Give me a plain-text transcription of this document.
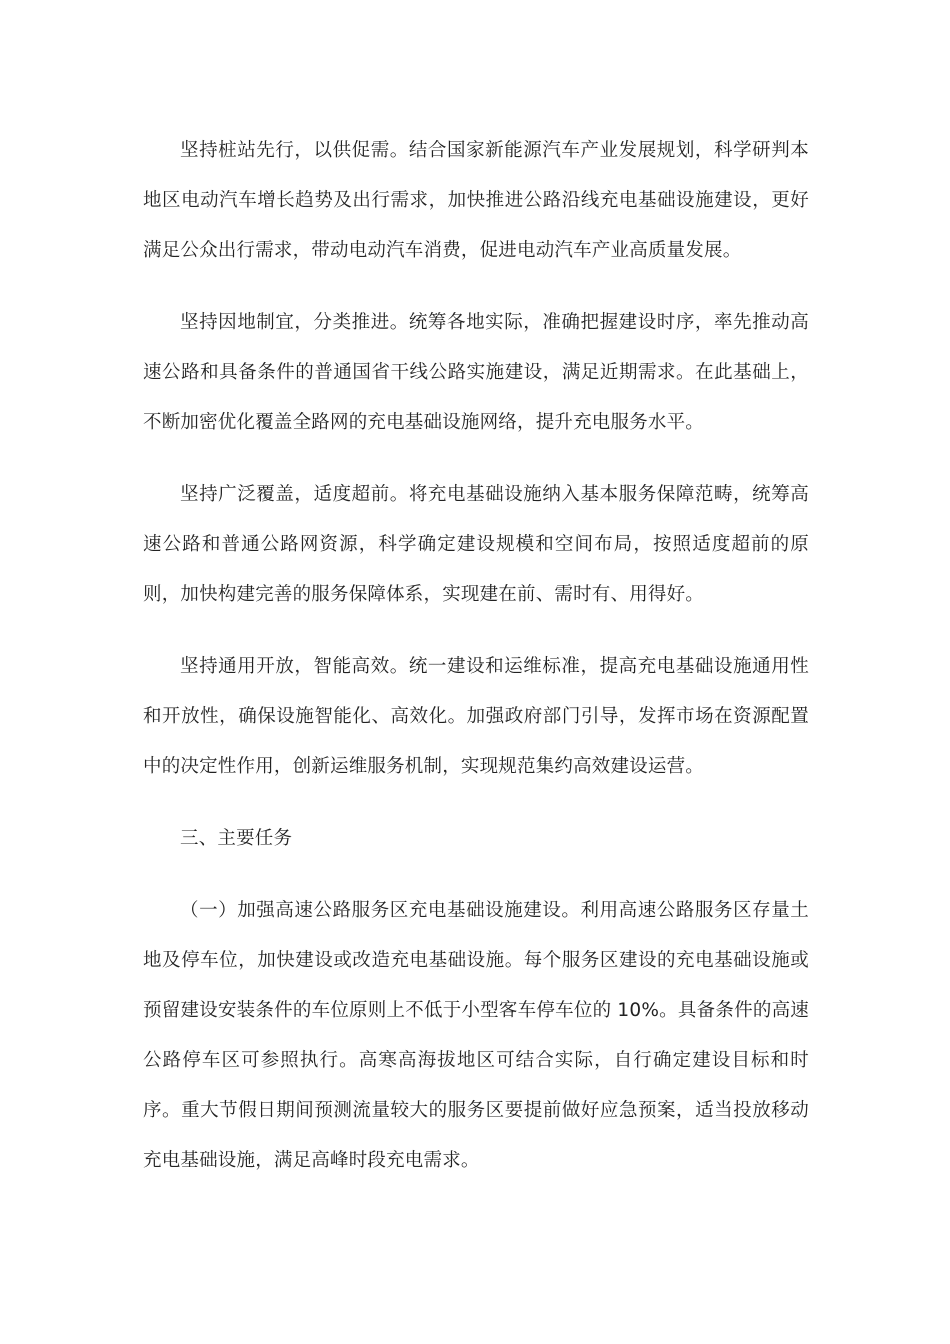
坚持桩站先行，以供促需。结合国家新能源汽车产业发展规划，科学研判本地区电动汽车增长趋势及出行需求，加快推进公路沿线充电基础设施建设，更好满足公众出行需求，带动电动汽车消费，促进电动汽车产业高质量发展。

坚持因地制宜，分类推进。统筹各地实际，准确把握建设时序，率先推动高速公路和具备条件的普通国省干线公路实施建设，满足近期需求。在此基础上，不断加密优化覆盖全路网的充电基础设施网络，提升充电服务水平。

坚持广泛覆盖，适度超前。将充电基础设施纳入基本服务保障范畴，统筹高速公路和普通公路网资源，科学确定建设规模和空间布局，按照适度超前的原则，加快构建完善的服务保障体系，实现建在前、需时有、用得好。

坚持通用开放，智能高效。统一建设和运维标准，提高充电基础设施通用性和开放性，确保设施智能化、高效化。加强政府部门引导，发挥市场在资源配置中的决定性作用，创新运维服务机制，实现规范集约高效建设运营。

三、主要任务

（一）加强高速公路服务区充电基础设施建设。利用高速公路服务区存量土地及停车位，加快建设或改造充电基础设施。每个服务区建设的充电基础设施或预留建设安装条件的车位原则上不低于小型客车停车位的 10%。具备条件的高速公路停车区可参照执行。高寒高海拔地区可结合实际，自行确定建设目标和时序。重大节假日期间预测流量较大的服务区要提前做好应急预案，适当投放移动充电基础设施，满足高峰时段充电需求。
